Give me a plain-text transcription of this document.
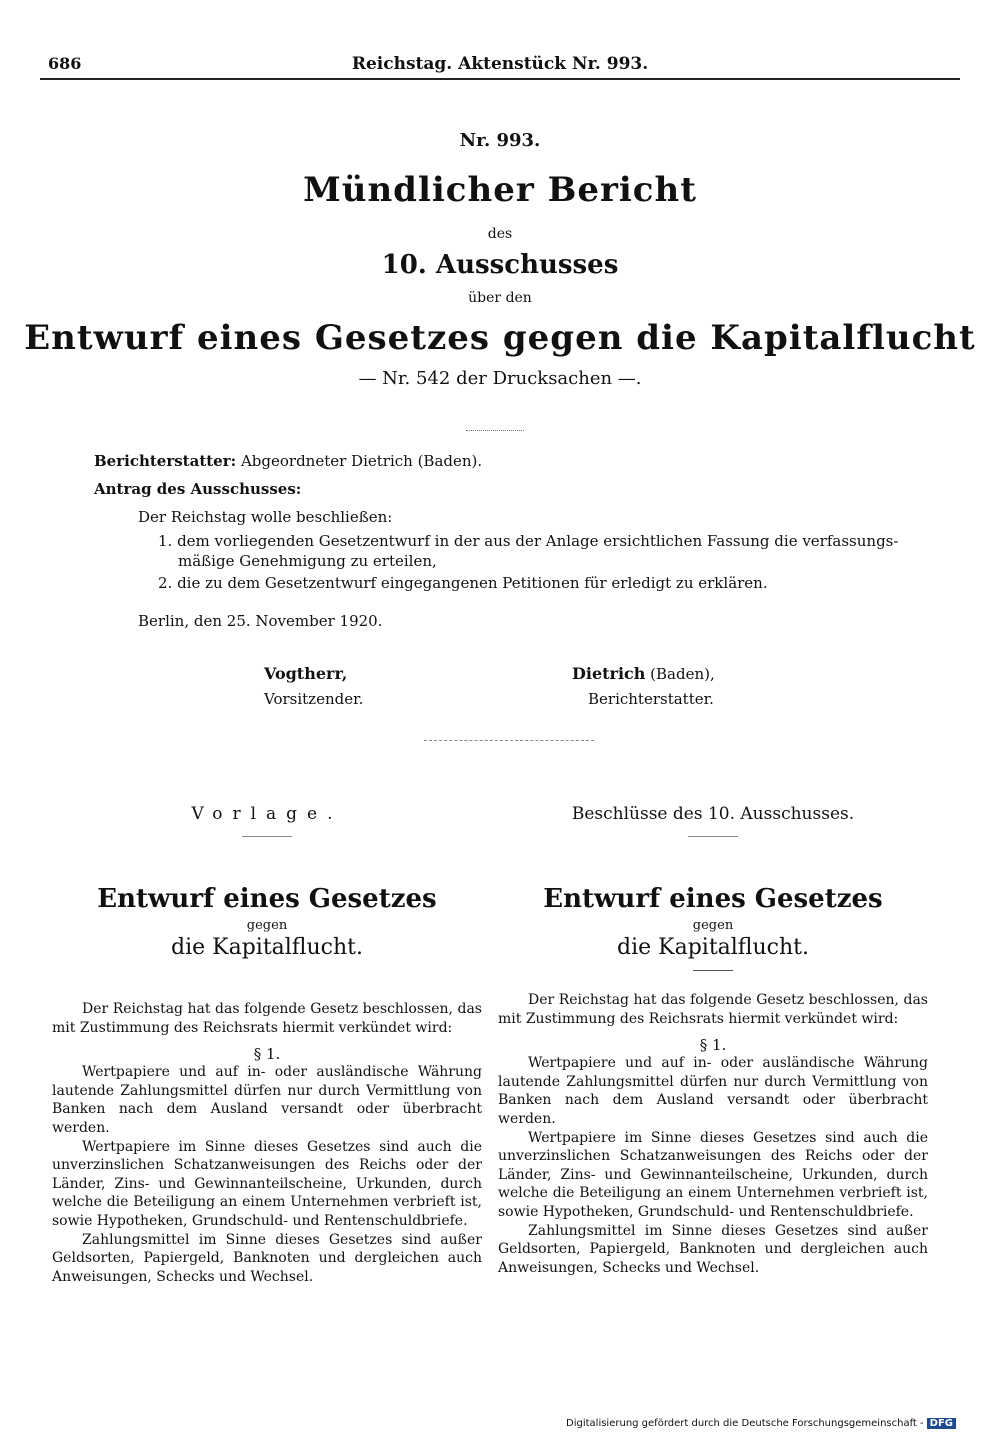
686	Reichstag. Aktenstück Nr. 993.
Nr. 993.
Mündlicher Bericht
des
10. Ausschusses
über den
Entwurf eines Gesetzes gegen die Kapitalflucht
— Nr. 542 der Drucksachen —.
Berichterstatter: Abgeordneter Dietrich (Baden).
Antrag des Ausschusses:
Der Reichstag wolle beschließen:
1. dem vorliegenden Gesetzentwurf in der aus der Anlage ersichtlichen Fassung die verfassungs-
mäßige Genehmigung zu erteilen,
2. die zu dem Gesetzentwurf eingegangenen Petitionen für erledigt zu erklären.
Berlin, den 25. November 1920.
Vogtherr,
Vorsitzender.
Dietrich (Baden),
Berichterstatter.
Vorlage.	Beschlüsse des 10. Ausschusses.
Entwurf eines Gesetzes
gegen
die Kapitalflucht.
Der Reichstag hat das folgende Gesetz beschlossen, das mit Zustimmung des Reichsrats hiermit verkündet wird:
§ 1.
Wertpapiere und auf in- oder ausländische Währung lautende Zahlungsmittel dürfen nur durch Vermittlung von Banken nach dem Ausland versandt oder überbracht werden.
Wertpapiere im Sinne dieses Gesetzes sind auch die unverzinslichen Schatzanweisungen des Reichs oder der Länder, Zins- und Gewinnanteilscheine, Urkunden, durch welche die Beteiligung an einem Unternehmen verbrieft ist, sowie Hypotheken, Grundschuld- und Rentenschuldbriefe.
Zahlungsmittel im Sinne dieses Gesetzes sind außer Geldsorten, Papiergeld, Banknoten und dergleichen auch Anweisungen, Schecks und Wechsel.
Entwurf eines Gesetzes
gegen
die Kapitalflucht.
Der Reichstag hat das folgende Gesetz beschlossen, das mit Zustimmung des Reichsrats hiermit verkündet wird:
§ 1.
Wertpapiere und auf in- oder ausländische Währung lautende Zahlungsmittel dürfen nur durch Vermittlung von Banken nach dem Ausland versandt oder überbracht werden.
Wertpapiere im Sinne dieses Gesetzes sind auch die unverzinslichen Schatzanweisungen des Reichs oder der Länder, Zins- und Gewinnanteilscheine, Urkunden, durch welche die Beteiligung an einem Unternehmen verbrieft ist, sowie Hypotheken, Grundschuld- und Rentenschuldbriefe.
Zahlungsmittel im Sinne dieses Gesetzes sind außer Geldsorten, Papiergeld, Banknoten und dergleichen auch Anweisungen, Schecks und Wechsel.
Digitalisierung gefördert durch die Deutsche Forschungsgemeinschaft - DFG
